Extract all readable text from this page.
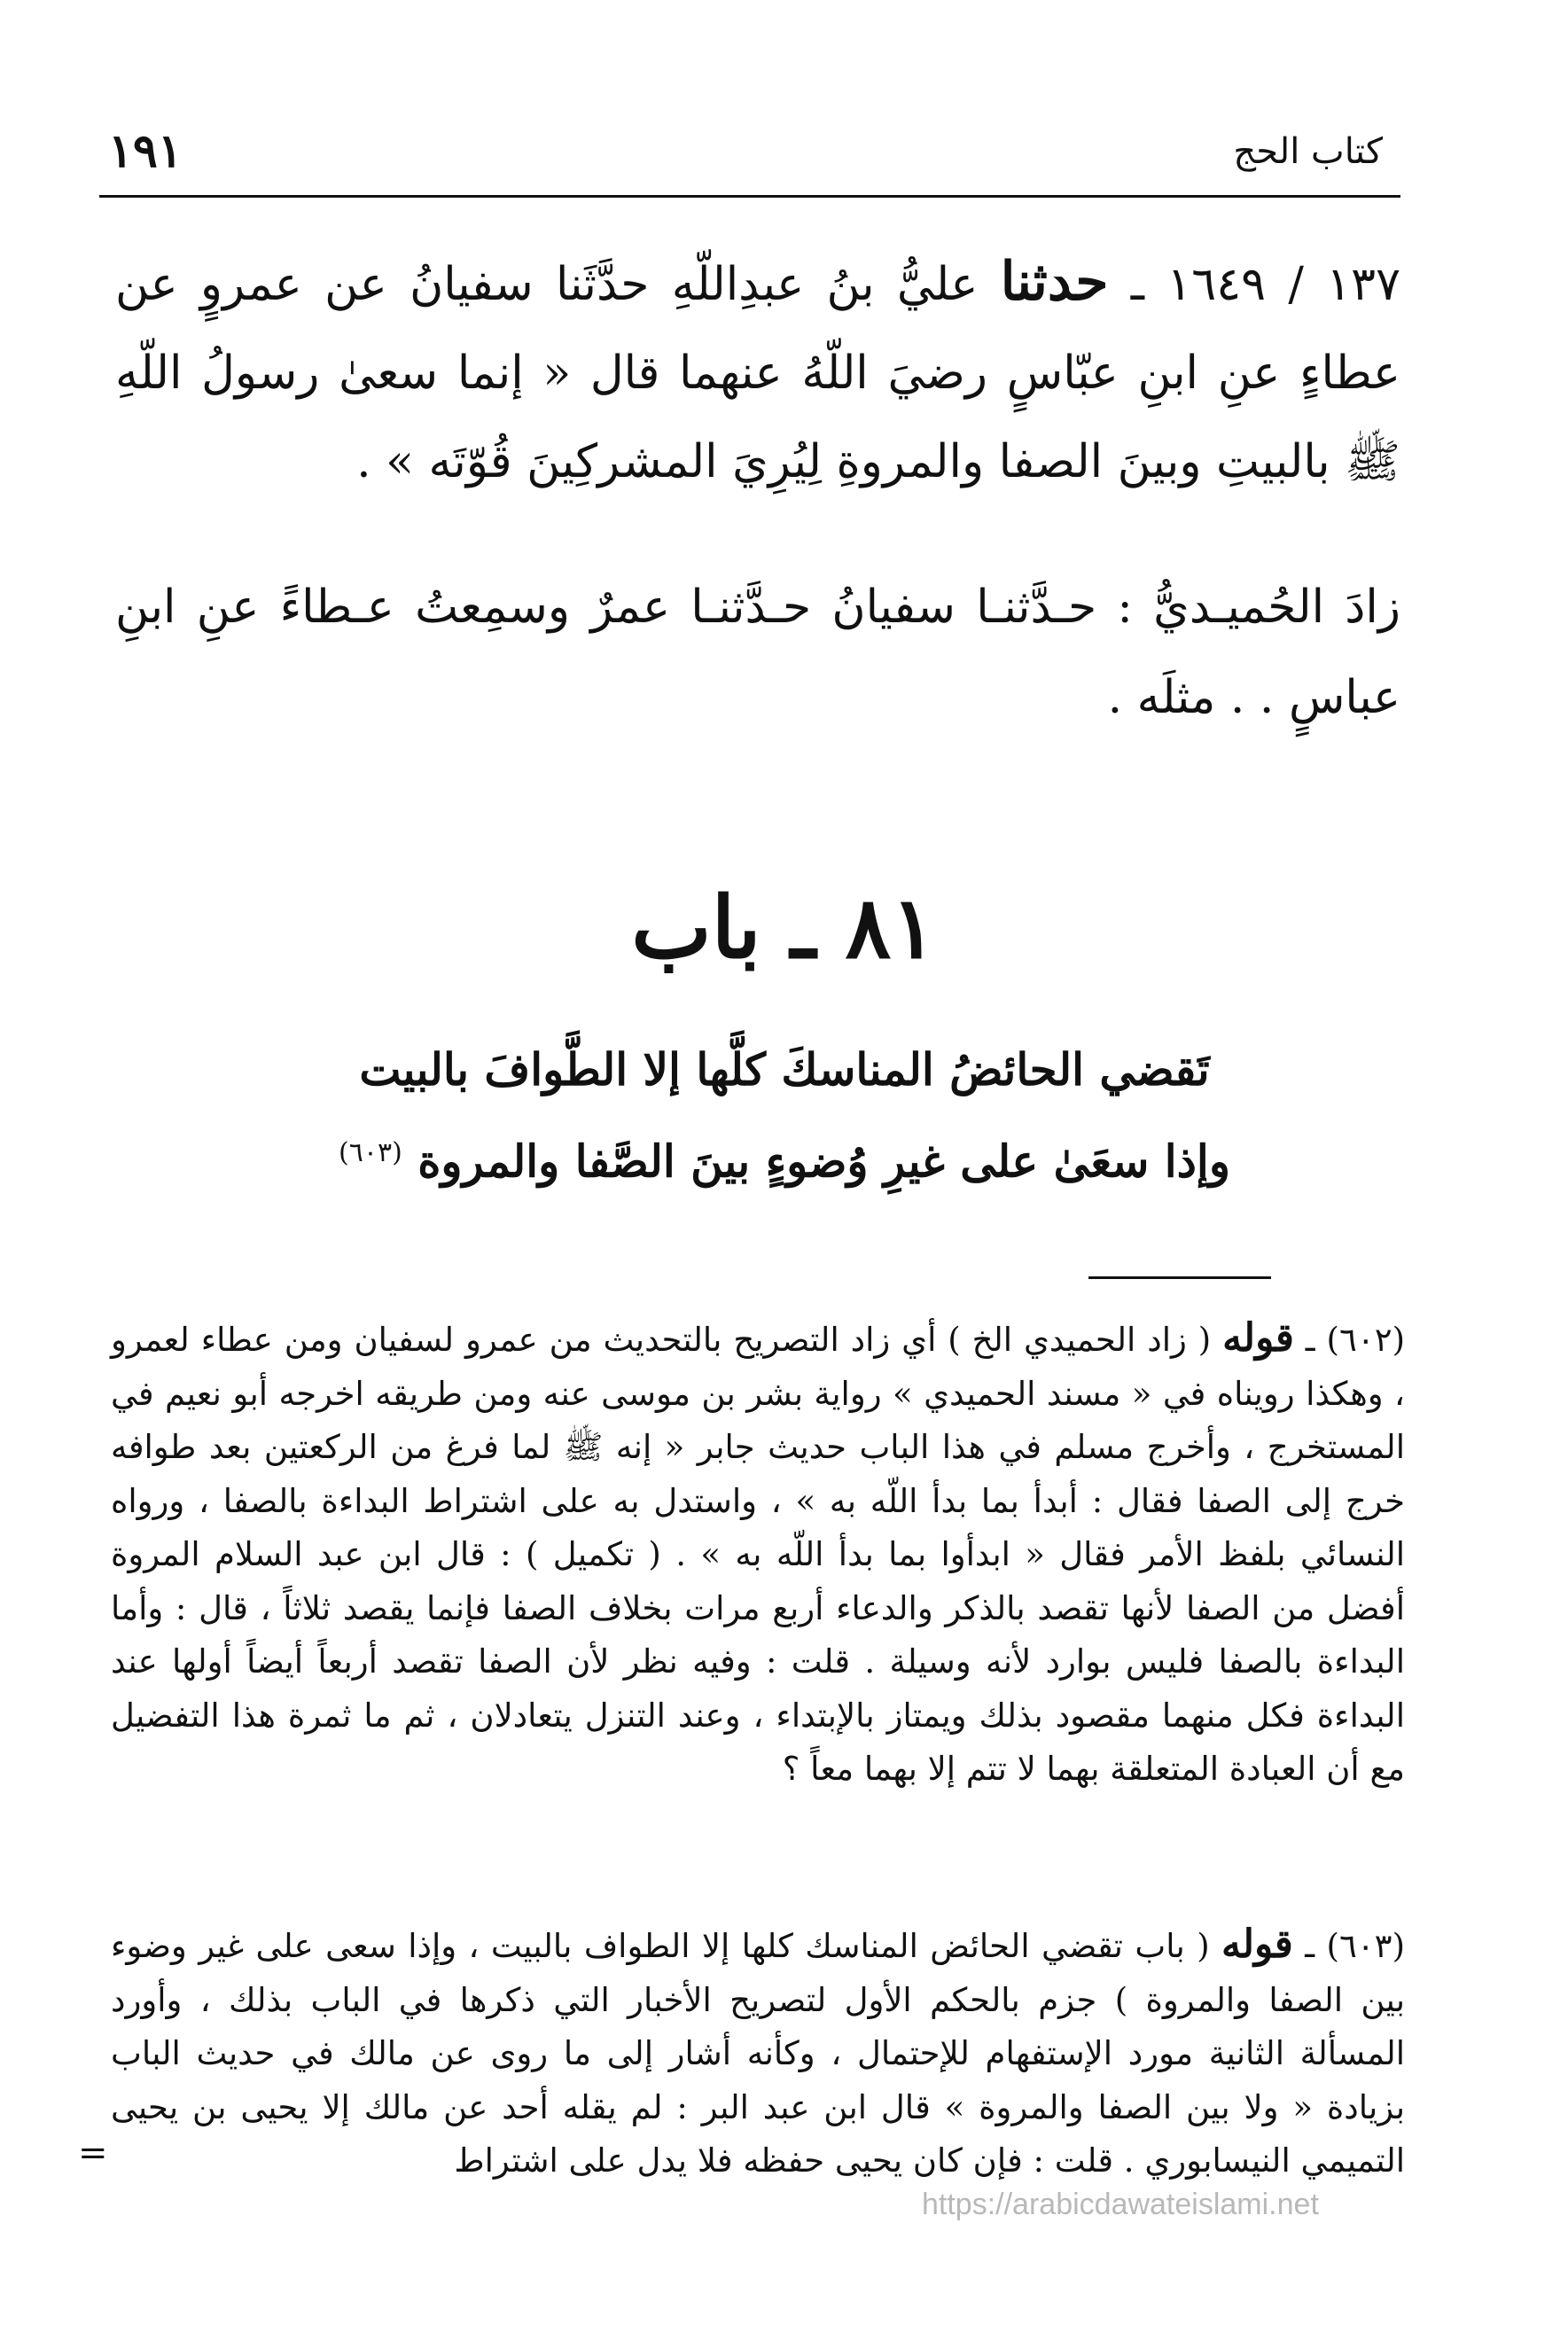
كتاب الحج
١٩١
١٣٧ / ١٦٤٩ ـ حدثنا عليُّ بنُ عبدِاللّهِ حدَّثَنا سفيانُ عن عمروٍ عن عطاءٍ عنِ ابنِ عبّاسٍ رضيَ اللّهُ عنهما قال « إنما سعىٰ رسولُ اللّهِ ﷺ بالبيتِ وبينَ الصفا والمروةِ لِيُرِيَ المشركِينَ قُوّتَه » .
زادَ الحُميـديُّ : حـدَّثنـا سفيانُ حـدَّثنـا عمرٌ وسمِعتُ عـطاءً عنِ ابنِ عباسٍ . . مثلَه .
٨١ ـ باب
تَقضي الحائضُ المناسكَ كلَّها إلا الطَّوافَ بالبيت
وإذا سعَىٰ على غيرِ وُضوءٍ بينَ الصَّفا والمروة $^{(٦٠٣)}$
(٦٠٢) ـ قوله ( زاد الحميدي الخ ) أي زاد التصريح بالتحديث من عمرو لسفيان ومن عطاء لعمرو ، وهكذا رويناه في « مسند الحميدي » رواية بشر بن موسى عنه ومن طريقه اخرجه أبو نعيم في المستخرج ، وأخرج مسلم في هذا الباب حديث جابر « إنه ﷺ لما فرغ من الركعتين بعد طوافه خرج إلى الصفا فقال : أبدأ بما بدأ اللّه به » ، واستدل به على اشتراط البداءة بالصفا ، ورواه النسائي بلفظ الأمر فقال « ابدأوا بما بدأ اللّه به » . ( تكميل ) : قال ابن عبد السلام المروة أفضل من الصفا لأنها تقصد بالذكر والدعاء أربع مرات بخلاف الصفا فإنما يقصد ثلاثاً ، قال : وأما البداءة بالصفا فليس بوارد لأنه وسيلة . قلت : وفيه نظر لأن الصفا تقصد أربعاً أيضاً أولها عند البداءة فكل منهما مقصود بذلك ويمتاز بالإبتداء ، وعند التنزل يتعادلان ، ثم ما ثمرة هذا التفضيل مع أن العبادة المتعلقة بهما لا تتم إلا بهما معاً ؟
(٦٠٣) ـ قوله ( باب تقضي الحائض المناسك كلها إلا الطواف بالبيت ، وإذا سعى على غير وضوء بين الصفا والمروة ) جزم بالحكم الأول لتصريح الأخبار التي ذكرها في الباب بذلك ، وأورد المسألة الثانية مورد الإستفهام للإحتمال ، وكأنه أشار إلى ما روى عن مالك في حديث الباب بزيادة « ولا بين الصفا والمروة » قال ابن عبد البر : لم يقله أحد عن مالك إلا يحيى بن يحيى التميمي النيسابوري . قلت : فإن كان يحيى حفظه فلا يدل على اشتراط
=
https://arabicdawateislami.net
